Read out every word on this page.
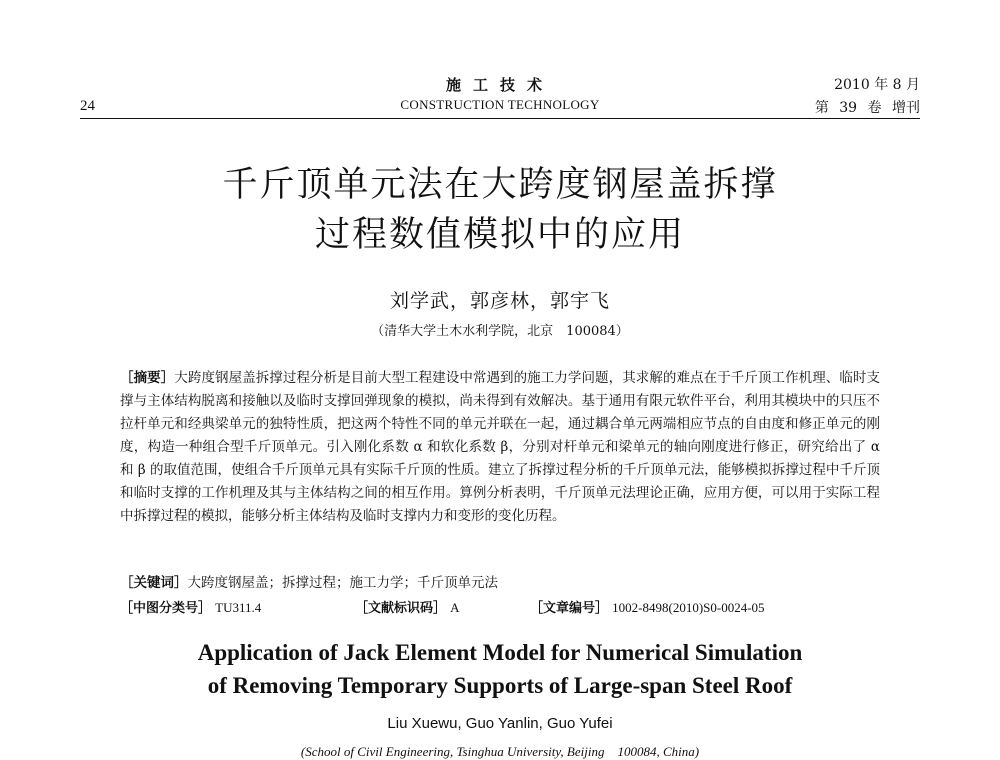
24
施工技术
CONSTRUCTION TECHNOLOGY
2010 年 8 月
第 39 卷 增刊
千斤顶单元法在大跨度钢屋盖拆撑
过程数值模拟中的应用
刘学武，郭彦林，郭宇飞
（清华大学土木水利学院，北京　100084）
［摘要］大跨度钢屋盖拆撑过程分析是目前大型工程建设中常遇到的施工力学问题，其求解的难点在于千斤顶工作机理、临时支撑与主体结构脱离和接触以及临时支撑回弹现象的模拟，尚未得到有效解决。基于通用有限元软件平台，利用其模块中的只压不拉杆单元和经典梁单元的独特性质，把这两个特性不同的单元并联在一起，通过耦合单元两端相应节点的自由度和修正单元的刚度，构造一种组合型千斤顶单元。引入刚化系数 α 和软化系数 β，分别对杆单元和梁单元的轴向刚度进行修正，研究给出了 α 和 β 的取值范围，使组合千斤顶单元具有实际千斤顶的性质。建立了拆撑过程分析的千斤顶单元法，能够模拟拆撑过程中千斤顶和临时支撑的工作机理及其与主体结构之间的相互作用。算例分析表明，千斤顶单元法理论正确，应用方便，可以用于实际工程中拆撑过程的模拟，能够分析主体结构及临时支撑内力和变形的变化历程。
［关键词］大跨度钢屋盖；拆撑过程；施工力学；千斤顶单元法
［中图分类号］ TU311.4	［文献标识码］ A	［文章编号］ 1002-8498(2010)S0-0024-05
Application of Jack Element Model for Numerical Simulation
of Removing Temporary Supports of Large-span Steel Roof
Liu Xuewu, Guo Yanlin, Guo Yufei
(School of Civil Engineering, Tsinghua University, Beijing　100084, China)
